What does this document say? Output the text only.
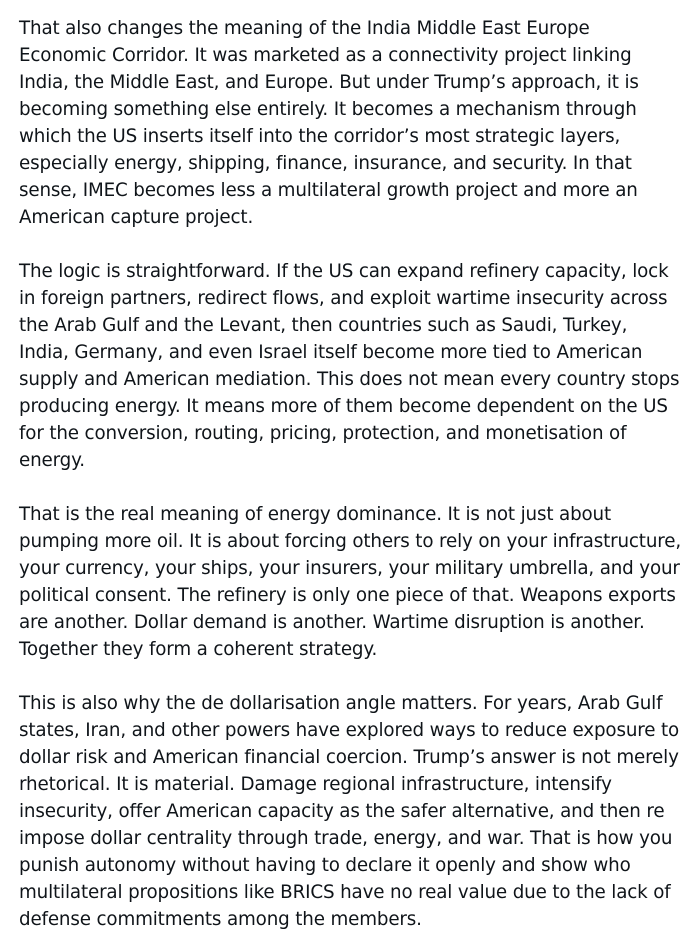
That also changes the meaning of the India Middle East Europe
Economic Corridor. It was marketed as a connectivity project linking
India, the Middle East, and Europe. But under Trump’s approach, it is
becoming something else entirely. It becomes a mechanism through
which the US inserts itself into the corridor’s most strategic layers,
especially energy, shipping, finance, insurance, and security. In that
sense, IMEC becomes less a multilateral growth project and more an
American capture project.
The logic is straightforward. If the US can expand refinery capacity, lock
in foreign partners, redirect flows, and exploit wartime insecurity across
the Arab Gulf and the Levant, then countries such as Saudi, Turkey,
India, Germany, and even Israel itself become more tied to American
supply and American mediation. This does not mean every country stops
producing energy. It means more of them become dependent on the US
for the conversion, routing, pricing, protection, and monetisation of
energy.
That is the real meaning of energy dominance. It is not just about
pumping more oil. It is about forcing others to rely on your infrastructure,
your currency, your ships, your insurers, your military umbrella, and your
political consent. The refinery is only one piece of that. Weapons exports
are another. Dollar demand is another. Wartime disruption is another.
Together they form a coherent strategy.
This is also why the de dollarisation angle matters. For years, Arab Gulf
states, Iran, and other powers have explored ways to reduce exposure to
dollar risk and American financial coercion. Trump’s answer is not merely
rhetorical. It is material. Damage regional infrastructure, intensify
insecurity, offer American capacity as the safer alternative, and then re
impose dollar centrality through trade, energy, and war. That is how you
punish autonomy without having to declare it openly and show who
multilateral propositions like BRICS have no real value due to the lack of
defense commitments among the members.
